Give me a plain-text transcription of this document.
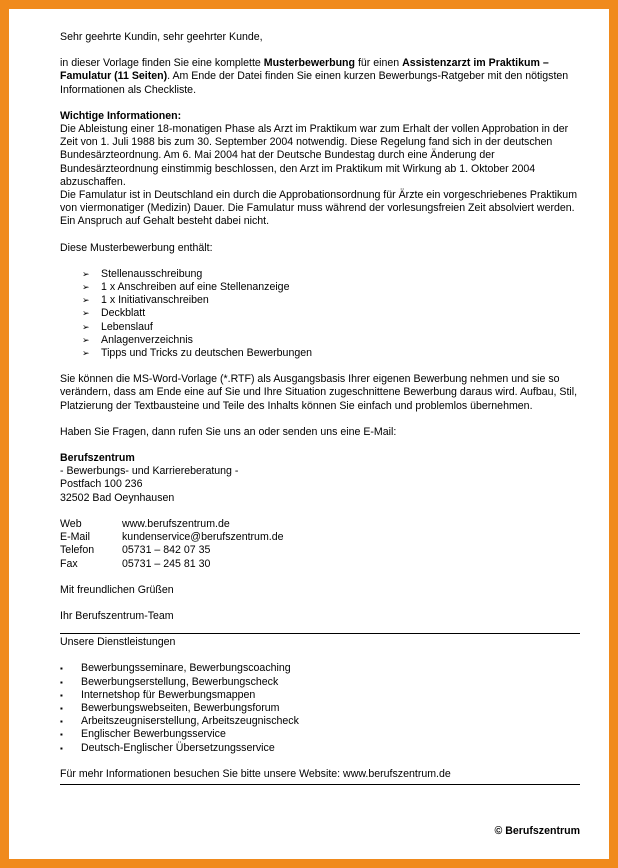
Sehr geehrte Kundin, sehr geehrter Kunde,

in dieser Vorlage finden Sie eine komplette Musterbewerbung für einen Assistenzarzt im Praktikum – Famulatur (11 Seiten). Am Ende der Datei finden Sie einen kurzen Bewerbungs-Ratgeber mit den nötigsten Informationen als Checkliste.

Wichtige Informationen:

Die Ableistung einer 18-monatigen Phase als Arzt im Praktikum war zum Erhalt der vollen Approbation in der Zeit von 1. Juli 1988 bis zum 30. September 2004 notwendig. Diese Regelung fand sich in der deutschen Bundesärzteordnung. Am 6. Mai 2004 hat der Deutsche Bundestag durch eine Änderung der Bundesärzteordnung einstimmig beschlossen, den Arzt im Praktikum mit Wirkung ab 1. Oktober 2004 abzuschaffen.

Die Famulatur ist in Deutschland ein durch die Approbationsordnung für Ärzte ein vorgeschriebenes Praktikum von viermonatiger (Medizin) Dauer. Die Famulatur muss während der vorlesungsfreien Zeit absolviert werden. Ein Anspruch auf Gehalt besteht dabei nicht.

Diese Musterbewerbung enthält:

➢	Stellenausschreibung
➢	1 x Anschreiben auf eine Stellenanzeige
➢	1 x Initiativanschreiben
➢	Deckblatt
➢	Lebenslauf
➢	Anlagenverzeichnis
➢	Tipps und Tricks zu deutschen Bewerbungen

Sie können die MS-Word-Vorlage (*.RTF) als Ausgangsbasis Ihrer eigenen Bewerbung nehmen und sie so verändern, dass am Ende eine auf Sie und Ihre Situation zugeschnittene Bewerbung daraus wird. Aufbau, Stil, Platzierung der Textbausteine und Teile des Inhalts können Sie einfach und problemlos übernehmen.

Haben Sie Fragen, dann rufen Sie uns an oder senden uns eine E-Mail:

Berufszentrum

- Bewerbungs- und Karriereberatung -

Postfach 100 236

32502 Bad Oeynhausen

Web	www.berufszentrum.de
E-Mail	kundenservice@berufszentrum.de
Telefon	05731 – 842 07 35
Fax	05731 – 245 81 30

Mit freundlichen Grüßen

Ihr Berufszentrum-Team

Unsere Dienstleistungen

▪	Bewerbungsseminare, Bewerbungscoaching
▪	Bewerbungserstellung, Bewerbungscheck
▪	Internetshop für Bewerbungsmappen
▪	Bewerbungswebseiten, Bewerbungsforum
▪	Arbeitszeugniserstellung, Arbeitszeugnischeck
▪	Englischer Bewerbungsservice
▪	Deutsch-Englischer Übersetzungsservice

Für mehr Informationen besuchen Sie bitte unsere Website: www.berufszentrum.de

© Berufszentrum
